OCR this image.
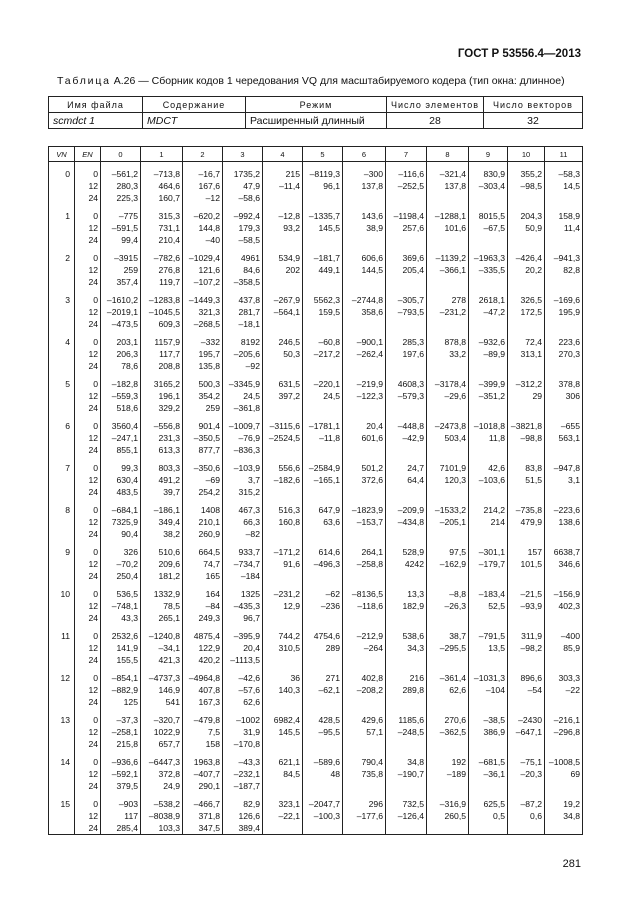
ГОСТ Р 53556.4—2013
Таблица А.26 — Сборник кодов 1 чередования VQ для масштабируемого кодера (тип окна: длинное)
Имя файла	Содержание	Режим	Число элементов	Число векторов
scmdct 1	MDCT	Расширенный длинный	28	32
VN	EN	0	1	2	3	4	5	6	7	8	9	10	11
0	0	–561,2	–713,8	–16,7	1735,2	215	–8119,3	–300	–116,6	–321,4	830,9	355,2	–58,3
	12	280,3	464,6	167,6	47,9	–11,4	96,1	137,8	–252,5	137,8	–303,4	–98,5	14,5
	24	225,3	160,7	–12	–58,6								
1	0	–775	315,3	–620,2	–992,4	–12,8	–1335,7	143,6	–1198,4	–1288,1	8015,5	204,3	158,9
	12	–591,5	731,1	144,8	179,3	93,2	145,5	38,9	257,6	101,6	–67,5	50,9	11,4
	24	99,4	210,4	–40	–58,5								
2	0	–3915	–782,6	–1029,4	4961	534,9	–181,7	606,6	369,6	–1139,2	–1963,3	–426,4	–941,3
	12	259	276,8	121,6	84,6	202	449,1	144,5	205,4	–366,1	–335,5	20,2	82,8
	24	357,4	119,7	–107,2	–358,5								
3	0	–1610,2	–1283,8	–1449,3	437,8	–267,9	5562,3	–2744,8	–305,7	278	2618,1	326,5	–169,6
	12	–2019,1	–1045,5	321,3	281,7	–564,1	159,5	358,6	–793,5	–231,2	–47,2	172,5	195,9
	24	–473,5	609,3	–268,5	–18,1								
4	0	203,1	1157,9	–332	8192	246,5	–60,8	–900,1	285,3	878,8	–932,6	72,4	223,6
	12	206,3	117,7	195,7	–205,6	50,3	–217,2	–262,4	197,6	33,2	–89,9	313,1	270,3
	24	78,6	208,8	135,8	–92								
5	0	–182,8	3165,2	500,3	–3345,9	631,5	–220,1	–219,9	4608,3	–3178,4	–399,9	–312,2	378,8
	12	–559,3	196,1	354,2	24,5	397,2	24,5	–122,3	–579,3	–29,6	–351,2	29	306
	24	518,6	329,2	259	–361,8								
6	0	3560,4	–556,8	901,4	–1009,7	–3115,6	–1781,1	20,4	–448,8	–2473,8	–1018,8	–3821,8	–655
	12	–247,1	231,3	–350,5	–76,9	–2524,5	–11,8	601,6	–42,9	503,4	11,8	–98,8	563,1
	24	855,1	613,3	877,7	–836,3								
7	0	99,3	803,3	–350,6	–103,9	556,6	–2584,9	501,2	24,7	7101,9	42,6	83,8	–947,8
	12	630,4	491,2	–69	3,7	–182,6	–165,1	372,6	64,4	120,3	–103,6	51,5	3,1
	24	483,5	39,7	254,2	315,2								
8	0	–684,1	–186,1	1408	467,3	516,3	647,9	–1823,9	–209,9	–1533,2	214,2	–735,8	–223,6
	12	7325,9	349,4	210,1	66,3	160,8	63,6	–153,7	–434,8	–205,1	214	479,9	138,6
	24	90,4	38,2	260,9	–82								
9	0	326	510,6	664,5	933,7	–171,2	614,6	264,1	528,9	97,5	–301,1	157	6638,7
	12	–70,2	209,6	74,7	–734,7	91,6	–496,3	–258,8	4242	–162,9	–179,7	101,5	346,6
	24	250,4	181,2	165	–184								
10	0	536,5	1332,9	164	1325	–231,2	–62	–8136,5	13,3	–8,8	–183,4	–21,5	–156,9
	12	–748,1	78,5	–84	–435,3	12,9	–236	–118,6	182,9	–26,3	52,5	–93,9	402,3
	24	43,3	265,1	249,3	96,7								
11	0	2532,6	–1240,8	4875,4	–395,9	744,2	4754,6	–212,9	538,6	38,7	–791,5	311,9	–400
	12	141,9	–34,1	122,9	20,4	310,5	289	–264	34,3	–295,5	13,5	–98,2	85,9
	24	155,5	421,3	420,2	–1113,5								
12	0	–854,1	–4737,3	–4964,8	–42,6	36	271	402,8	216	–361,4	–1031,3	896,6	303,3
	12	–882,9	146,9	407,8	–57,6	140,3	–62,1	–208,2	289,8	62,6	–104	–54	–22
	24	125	541	167,3	62,6								
13	0	–37,3	–320,7	–479,8	–1002	6982,4	428,5	429,6	1185,6	270,6	–38,5	–2430	–216,1
	12	–258,1	1022,9	7,5	31,9	145,5	–95,5	57,1	–248,5	–362,5	386,9	–647,1	–296,8
	24	215,8	657,7	158	–170,8								
14	0	–936,6	–6447,3	1963,8	–43,3	621,1	–589,6	790,4	34,8	192	–681,5	–75,1	–1008,5
	12	–592,1	372,8	–407,7	–232,1	84,5	48	735,8	–190,7	–189	–36,1	–20,3	69
	24	379,5	24,9	290,1	–187,7								
15	0	–903	–538,2	–466,7	82,9	323,1	–2047,7	296	732,5	–316,9	625,5	–87,2	19,2
	12	117	–8038,9	371,8	126,6	–22,1	–100,3	–177,6	–126,4	260,5	0,5	0,6	34,8
	24	285,4	103,3	347,5	389,4								
281
